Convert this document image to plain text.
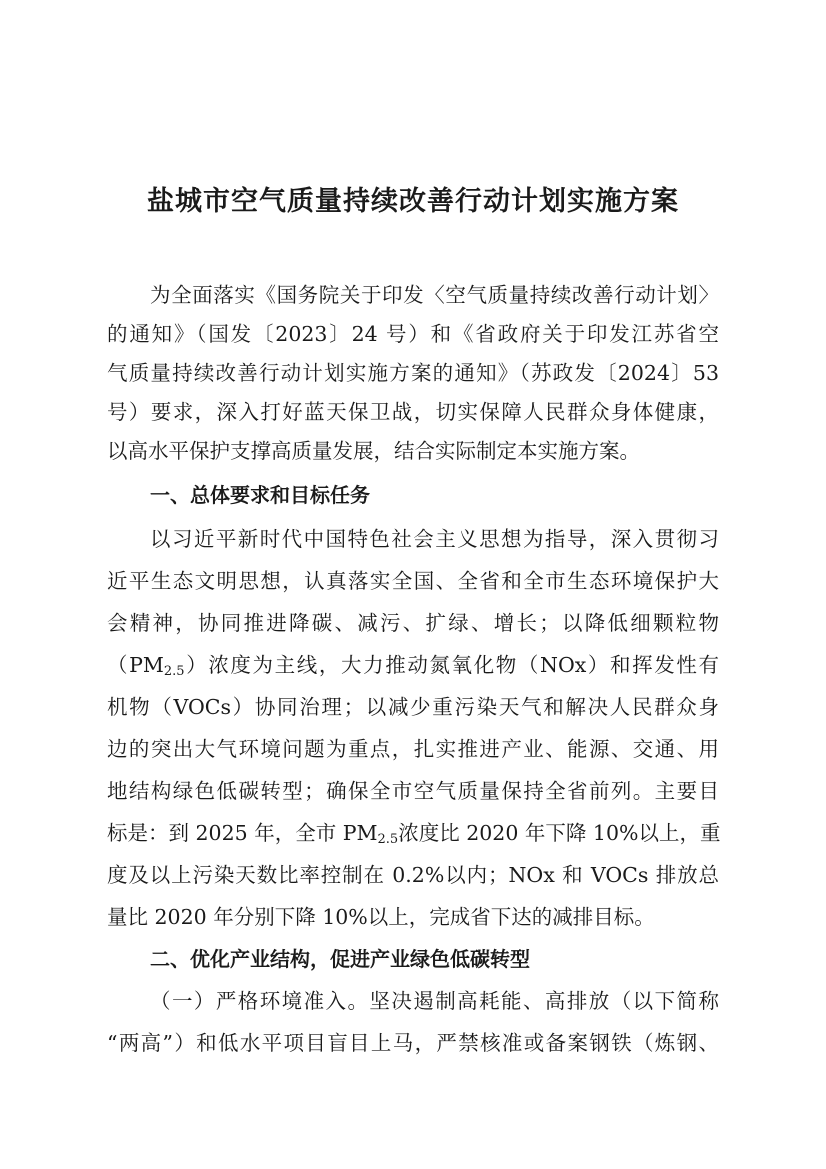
盐城市空气质量持续改善行动计划实施方案
为全面落实《国务院关于印发〈空气质量持续改善行动计划〉
的通知》（国发〔2023〕24 号）和《省政府关于印发江苏省空
气质量持续改善行动计划实施方案的通知》（苏政发〔2024〕53
号）要求，深入打好蓝天保卫战，切实保障人民群众身体健康，
以高水平保护支撑高质量发展，结合实际制定本实施方案。
一、总体要求和目标任务
以习近平新时代中国特色社会主义思想为指导，深入贯彻习
近平生态文明思想，认真落实全国、全省和全市生态环境保护大
会精神，协同推进降碳、减污、扩绿、增长；以降低细颗粒物
（PM2.5）浓度为主线，大力推动氮氧化物（NOx）和挥发性有
机物（VOCs）协同治理；以减少重污染天气和解决人民群众身
边的突出大气环境问题为重点，扎实推进产业、能源、交通、用
地结构绿色低碳转型；确保全市空气质量保持全省前列。主要目
标是：到 2025 年，全市 PM2.5浓度比 2020 年下降 10%以上，重
度及以上污染天数比率控制在 0.2%以内；NOx 和 VOCs 排放总
量比 2020 年分别下降 10%以上，完成省下达的减排目标。
二、优化产业结构，促进产业绿色低碳转型
（一）严格环境准入。坚决遏制高耗能、高排放（以下简称
“两高”）和低水平项目盲目上马，严禁核准或备案钢铁（炼钢、
